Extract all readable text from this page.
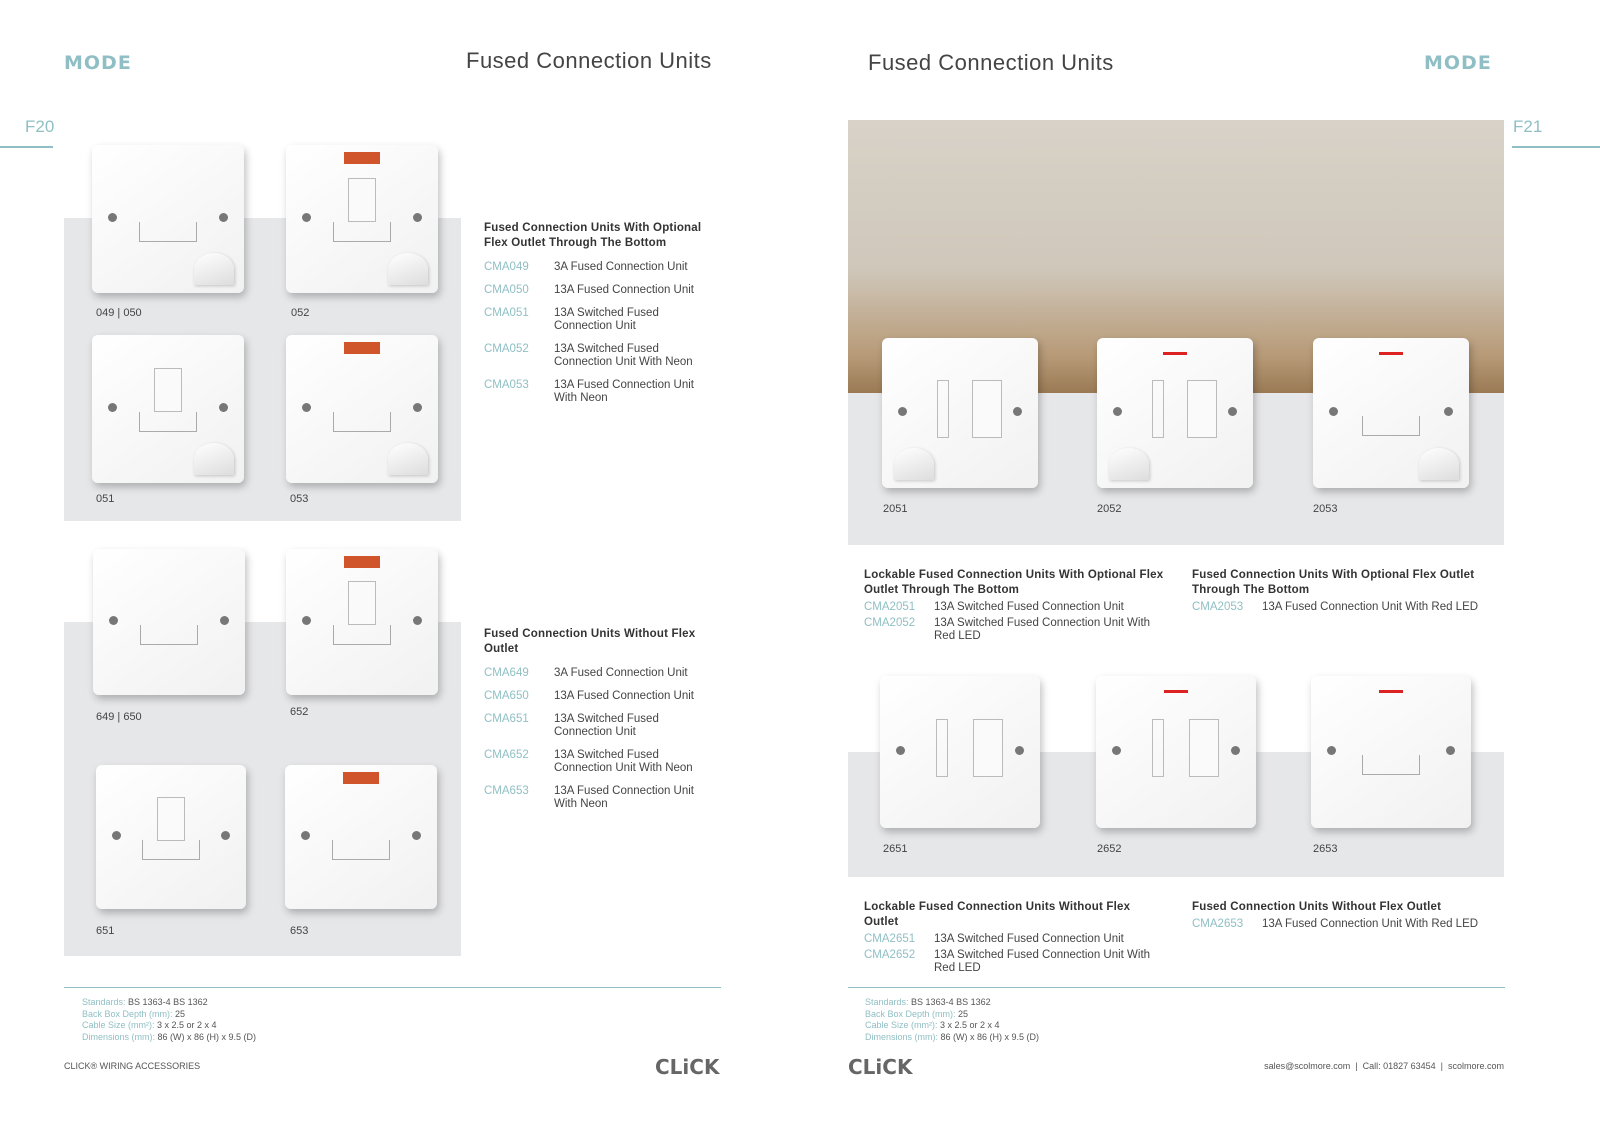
MODE	Fused Connection Units
F20
Fused Connection Units	MODE
F21
049 | 050	052
051	053
649 | 650	652
651	653
2051	2052	2053
2651	2652	2653
Fused Connection Units With Optional Flex Outlet Through The Bottom
CMA049	3A Fused Connection Unit
CMA050	13A Fused Connection Unit
CMA051	13A Switched Fused Connection Unit
CMA052	13A Switched Fused Connection Unit With Neon
CMA053	13A Fused Connection Unit With Neon
Fused Connection Units Without Flex Outlet
CMA649	3A Fused Connection Unit
CMA650	13A Fused Connection Unit
CMA651	13A Switched Fused Connection Unit
CMA652	13A Switched Fused Connection Unit With Neon
CMA653	13A Fused Connection Unit With Neon
Lockable Fused Connection Units With Optional Flex Outlet Through The Bottom
CMA2051	13A Switched Fused Connection Unit
CMA2052	13A Switched Fused Connection Unit With Red LED
Fused Connection Units With Optional Flex Outlet Through The Bottom
CMA2053	13A Fused Connection Unit With Red LED
Lockable Fused Connection Units Without Flex Outlet
CMA2651	13A Switched Fused Connection Unit
CMA2652	13A Switched Fused Connection Unit With Red LED
Fused Connection Units Without Flex Outlet
CMA2653	13A Fused Connection Unit With Red LED
Standards: BS 1363-4 BS 1362
Back Box Depth (mm): 25
Cable Size (mm²): 3 x 2.5 or 2 x 4
Dimensions (mm): 86 (W) x 86 (H) x 9.5 (D)
Standards: BS 1363-4 BS 1362
Back Box Depth (mm): 25
Cable Size (mm²): 3 x 2.5 or 2 x 4
Dimensions (mm): 86 (W) x 86 (H) x 9.5 (D)
CLICK® WIRING ACCESSORIES	CLiCK	CLiCK	sales@scolmore.com  |  Call: 01827 63454  |  scolmore.com
